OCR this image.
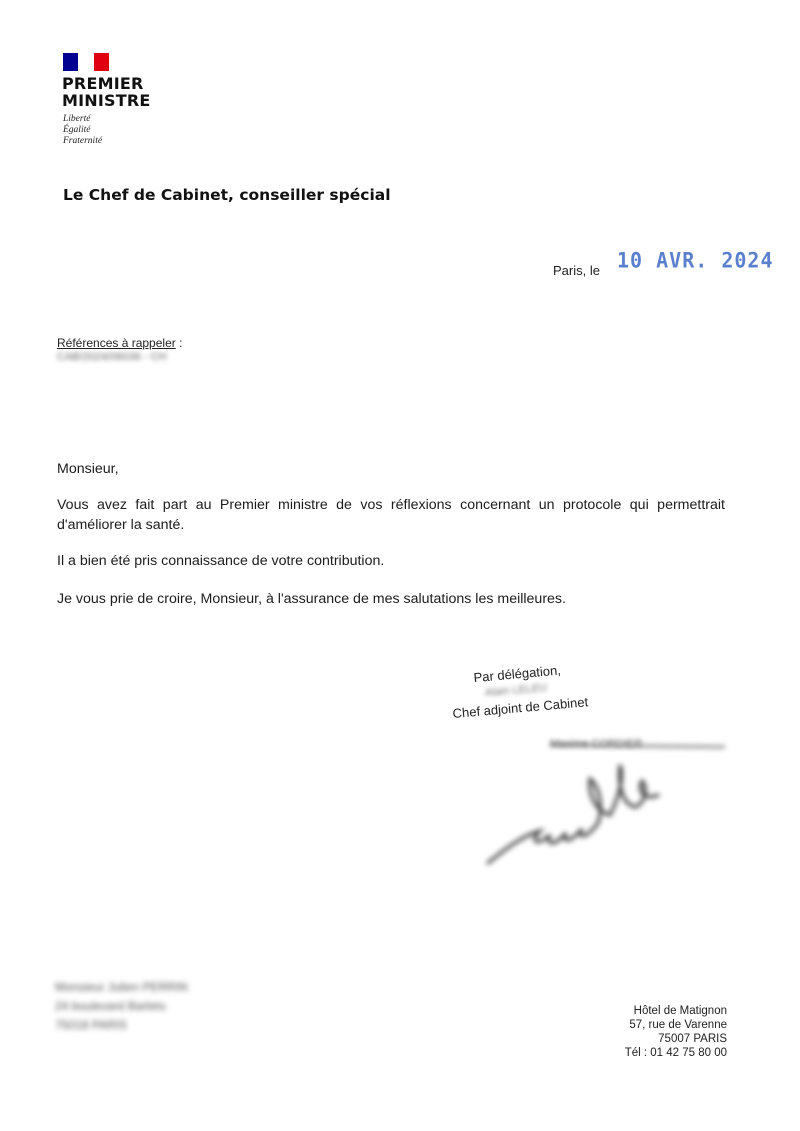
PREMIER
MINISTRE
Liberté
Égalité
Fraternité
Le Chef de Cabinet, conseiller spécial
Paris, le 10 AVR. 2024
Références à rappeler :
CAB/2024/06036 - CH
Monsieur,
Vous avez fait part au Premier ministre de vos réflexions concernant un protocole qui permettrait d'améliorer la santé.
Il a bien été pris connaissance de votre contribution.
Je vous prie de croire, Monsieur, à l'assurance de mes salutations les meilleures.
Par délégation,
Alain LELEU
Chef adjoint de Cabinet
Maxime CORDIER
Monsieur Julien PERRIN
24 boulevard Barbès
75018 PARIS
Hôtel de Matignon
57, rue de Varenne
75007 PARIS
Tél : 01 42 75 80 00
